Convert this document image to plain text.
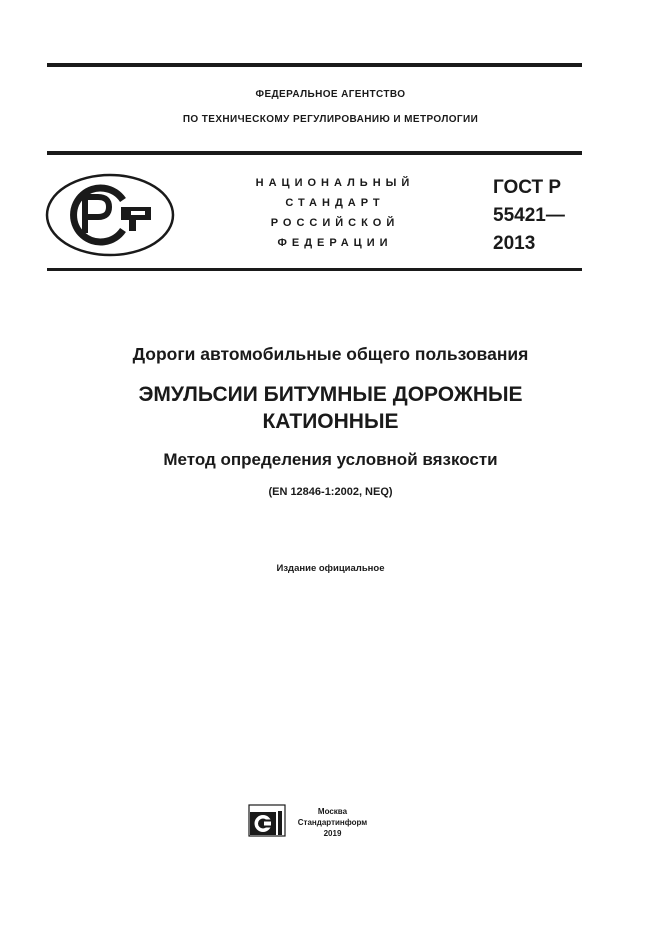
ФЕДЕРАЛЬНОЕ АГЕНТСТВО
ПО ТЕХНИЧЕСКОМУ РЕГУЛИРОВАНИЮ И МЕТРОЛОГИИ
НАЦИОНАЛЬНЫЙ
СТАНДАРТ
РОССИЙСКОЙ
ФЕДЕРАЦИИ
ГОСТ Р
55421—
2013
Дороги автомобильные общего пользования
ЭМУЛЬСИИ БИТУМНЫЕ ДОРОЖНЫЕ
КАТИОННЫЕ
Метод определения условной вязкости
(EN 12846-1:2002, NEQ)
Издание официальное
Москва
Стандартинформ
2019
